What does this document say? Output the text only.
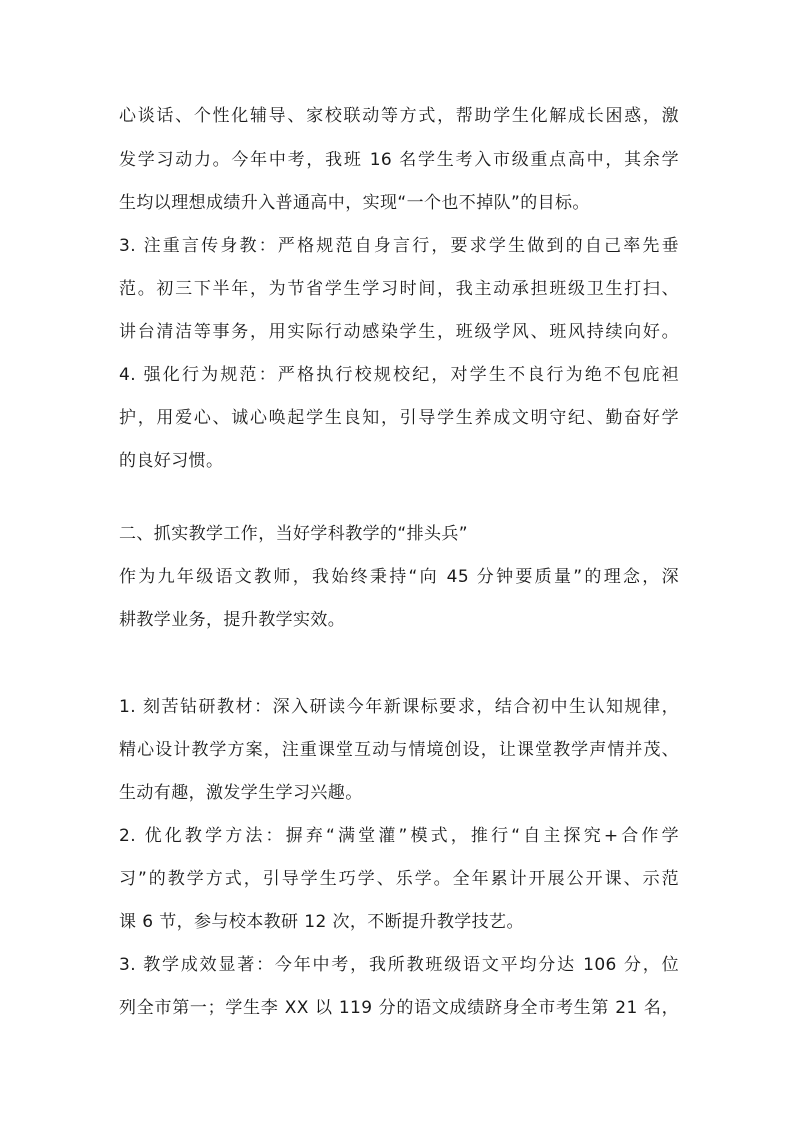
心谈话、个性化辅导、家校联动等方式，帮助学生化解成长困惑，激
发学习动力。今年中考，我班 16 名学生考入市级重点高中，其余学
生均以理想成绩升入普通高中，实现“一个也不掉队”的目标。
3. 注重言传身教：严格规范自身言行，要求学生做到的自己率先垂
范。初三下半年，为节省学生学习时间，我主动承担班级卫生打扫、
讲台清洁等事务，用实际行动感染学生，班级学风、班风持续向好。
4. 强化行为规范：严格执行校规校纪，对学生不良行为绝不包庇袒
护，用爱心、诚心唤起学生良知，引导学生养成文明守纪、勤奋好学
的良好习惯。
二、抓实教学工作，当好学科教学的“排头兵”
作为九年级语文教师，我始终秉持“向 45 分钟要质量”的理念，深
耕教学业务，提升教学实效。
1. 刻苦钻研教材：深入研读今年新课标要求，结合初中生认知规律，
精心设计教学方案，注重课堂互动与情境创设，让课堂教学声情并茂、
生动有趣，激发学生学习兴趣。
2. 优化教学方法：摒弃“满堂灌”模式，推行“自主探究+合作学
习”的教学方式，引导学生巧学、乐学。全年累计开展公开课、示范
课 6 节，参与校本教研 12 次，不断提升教学技艺。
3. 教学成效显著：今年中考，我所教班级语文平均分达 106 分，位
列全市第一；学生李 XX 以 119 分的语文成绩跻身全市考生第 21 名，
